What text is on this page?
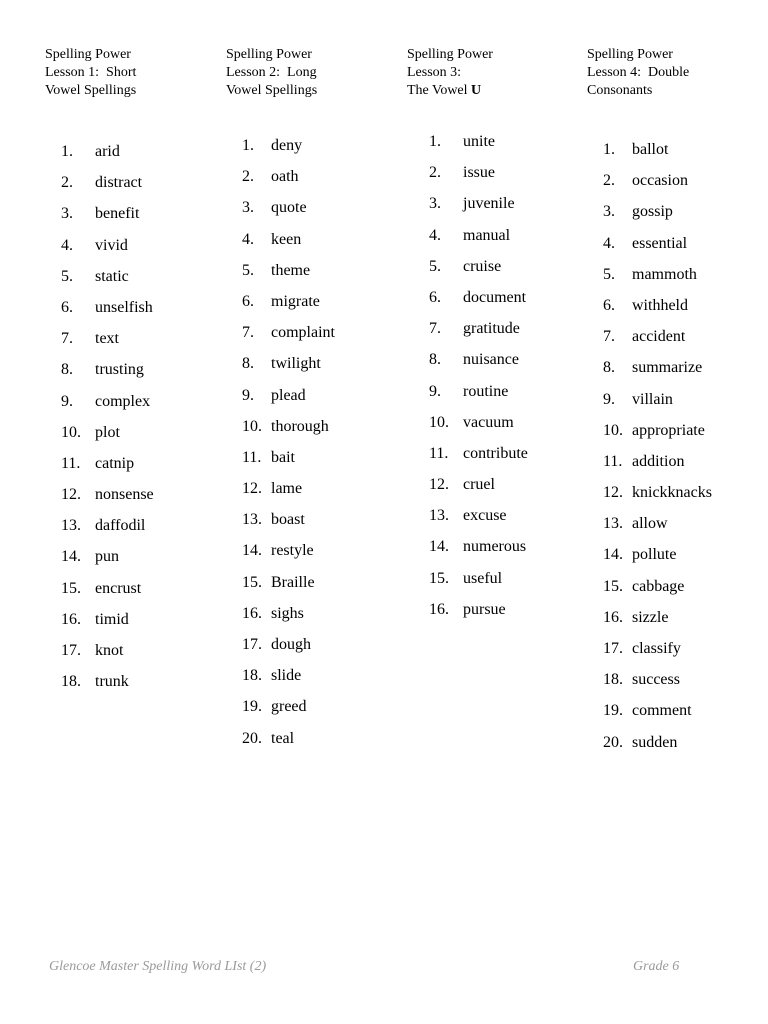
Spelling Power
Lesson 1:  Short
Vowel Spellings
1.	arid
2.	distract
3.	benefit
4.	vivid
5.	static
6.	unselfish
7.	text
8.	trusting
9.	complex
10. plot
11. catnip
12. nonsense
13. daffodil
14. pun
15. encrust
16. timid
17. knot
18. trunk
Spelling Power
Lesson 2:  Long
Vowel Spellings
1.	deny
2.	oath
3.	quote
4.	keen
5.	theme
6.	migrate
7.	complaint
8.	twilight
9.	plead
10. thorough
11. bait
12. lame
13. boast
14. restyle
15. Braille
16. sighs
17. dough
18. slide
19. greed
20. teal
Spelling Power
Lesson 3:
The Vowel U
1.	unite
2.	issue
3.	juvenile
4.	manual
5.	cruise
6.	document
7.	gratitude
8.	nuisance
9.	routine
10. vacuum
11. contribute
12. cruel
13. excuse
14. numerous
15. useful
16. pursue
Spelling Power
Lesson 4:  Double
Consonants
1.	ballot
2.	occasion
3.	gossip
4.	essential
5.	mammoth
6.	withheld
7.	accident
8.	summarize
9.	villain
10. appropriate
11. addition
12. knickknacks
13. allow
14. pollute
15. cabbage
16. sizzle
17. classify
18. success
19. comment
20. sudden
Glencoe Master Spelling Word LIst (2)	Grade 6
